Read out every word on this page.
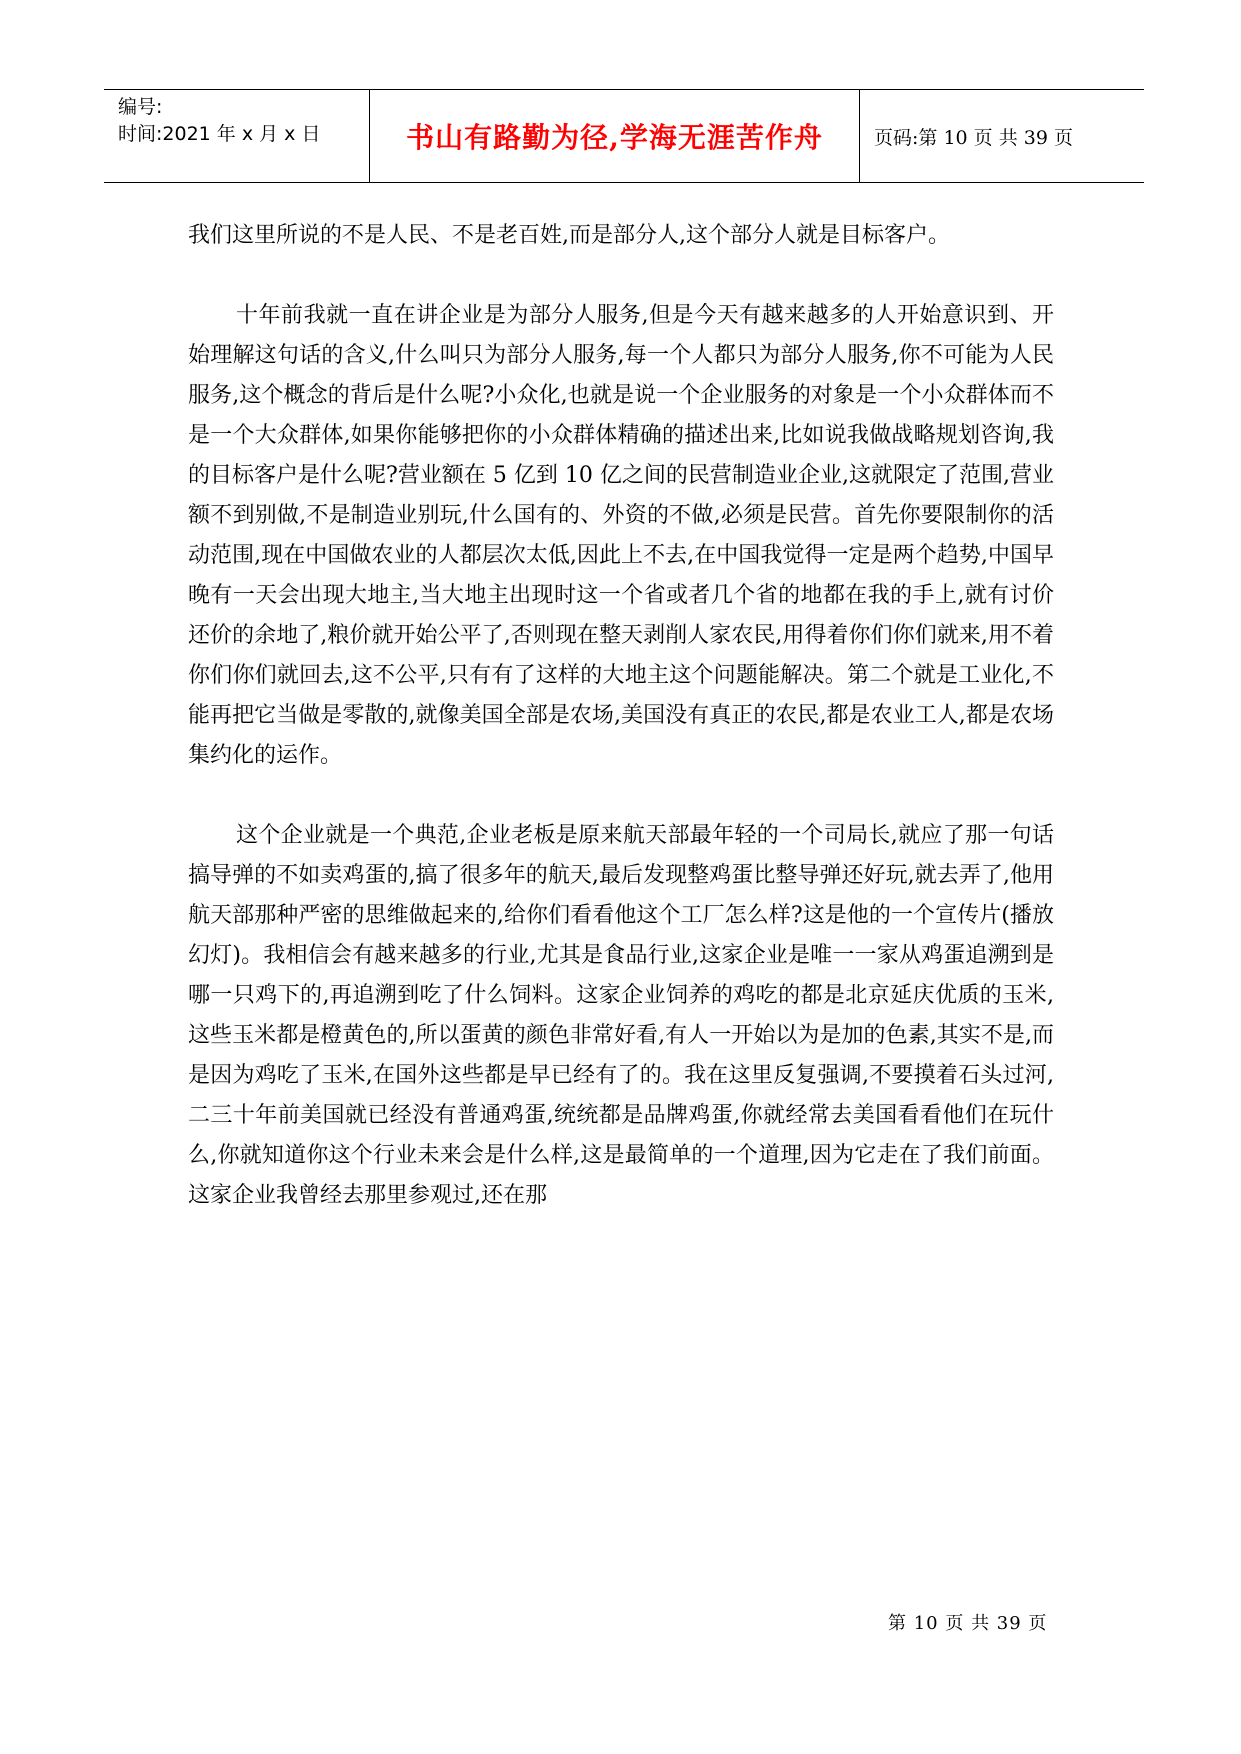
编号:
时间:2021 年 x 月 x 日	书山有路勤为径,学海无涯苦作舟	页码:第 10 页 共 39 页

我们这里所说的不是人民、不是老百姓,而是部分人,这个部分人就是目标客户。

十年前我就一直在讲企业是为部分人服务,但是今天有越来越多的人开始意识到、开始理解这句话的含义,什么叫只为部分人服务,每一个人都只为部分人服务,你不可能为人民服务,这个概念的背后是什么呢?小众化,也就是说一个企业服务的对象是一个小众群体而不是一个大众群体,如果你能够把你的小众群体精确的描述出来,比如说我做战略规划咨询,我的目标客户是什么呢?营业额在 5 亿到 10 亿之间的民营制造业企业,这就限定了范围,营业额不到别做,不是制造业别玩,什么国有的、外资的不做,必须是民营。首先你要限制你的活动范围,现在中国做农业的人都层次太低,因此上不去,在中国我觉得一定是两个趋势,中国早晚有一天会出现大地主,当大地主出现时这一个省或者几个省的地都在我的手上,就有讨价还价的余地了,粮价就开始公平了,否则现在整天剥削人家农民,用得着你们你们就来,用不着你们你们就回去,这不公平,只有有了这样的大地主这个问题能解决。第二个就是工业化,不能再把它当做是零散的,就像美国全部是农场,美国没有真正的农民,都是农业工人,都是农场集约化的运作。

这个企业就是一个典范,企业老板是原来航天部最年轻的一个司局长,就应了那一句话搞导弹的不如卖鸡蛋的,搞了很多年的航天,最后发现整鸡蛋比整导弹还好玩,就去弄了,他用航天部那种严密的思维做起来的,给你们看看他这个工厂怎么样?这是他的一个宣传片(播放幻灯)。我相信会有越来越多的行业,尤其是食品行业,这家企业是唯一一家从鸡蛋追溯到是哪一只鸡下的,再追溯到吃了什么饲料。这家企业饲养的鸡吃的都是北京延庆优质的玉米,这些玉米都是橙黄色的,所以蛋黄的颜色非常好看,有人一开始以为是加的色素,其实不是,而是因为鸡吃了玉米,在国外这些都是早已经有了的。我在这里反复强调,不要摸着石头过河,二三十年前美国就已经没有普通鸡蛋,统统都是品牌鸡蛋,你就经常去美国看看他们在玩什么,你就知道你这个行业未来会是什么样,这是最简单的一个道理,因为它走在了我们前面。这家企业我曾经去那里参观过,还在那

第 10 页 共 39 页
